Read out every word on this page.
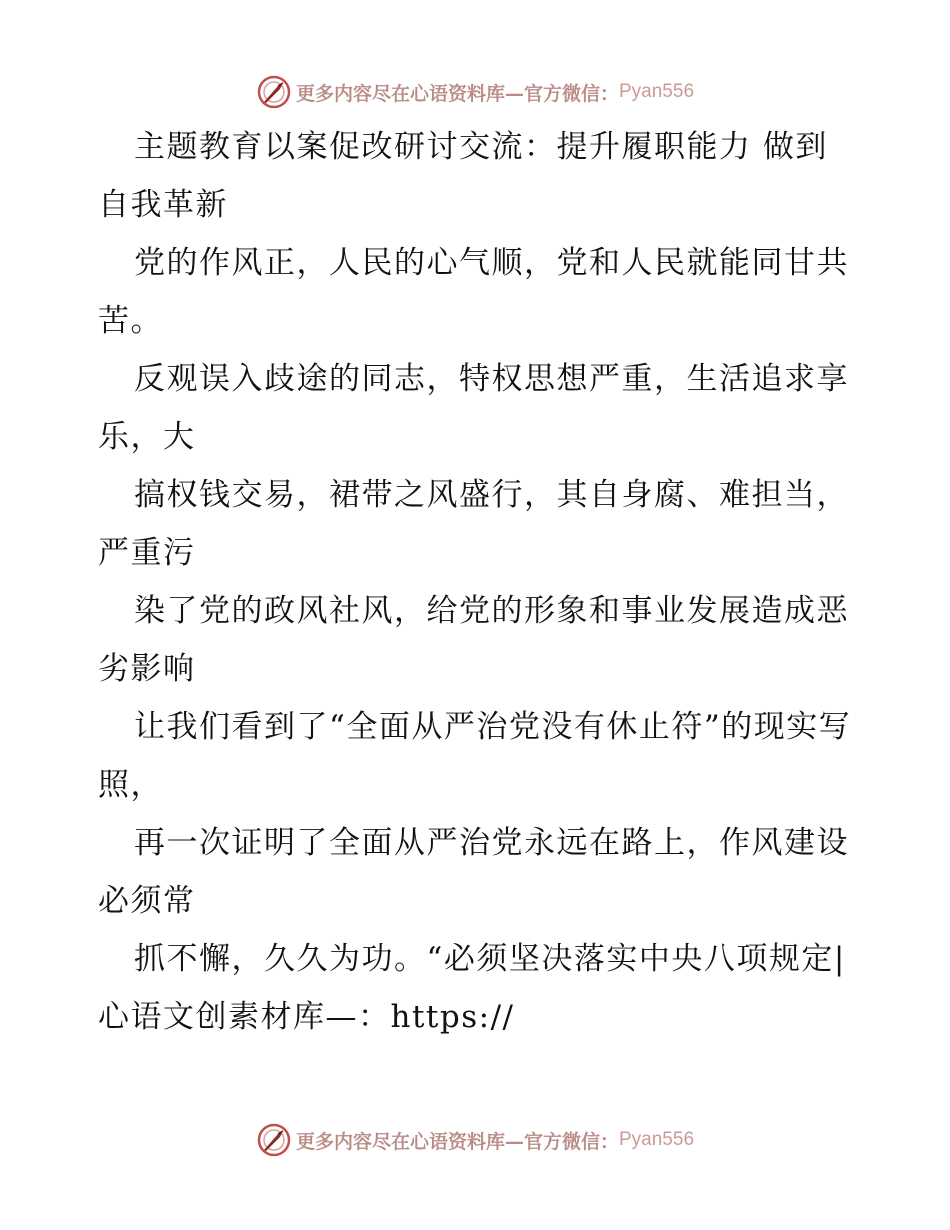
更多内容尽在心语资料库—官方微信： Pyan556

主题教育以案促改研讨交流：提升履职能力 做到自我革新

党的作风正，人民的心气顺，党和人民就能同甘共苦。

反观误入歧途的同志，特权思想严重，生活追求享乐，大

搞权钱交易，裙带之风盛行，其自身腐、难担当，严重污

染了党的政风社风，给党的形象和事业发展造成恶劣影响

让我们看到了“全面从严治党没有休止符”的现实写照，

再一次证明了全面从严治党永远在路上，作风建设必须常

抓不懈，久久为功。“必须坚决落实中央八项规定|心语文创素材库—：https://

更多内容尽在心语资料库—官方微信： Pyan556
